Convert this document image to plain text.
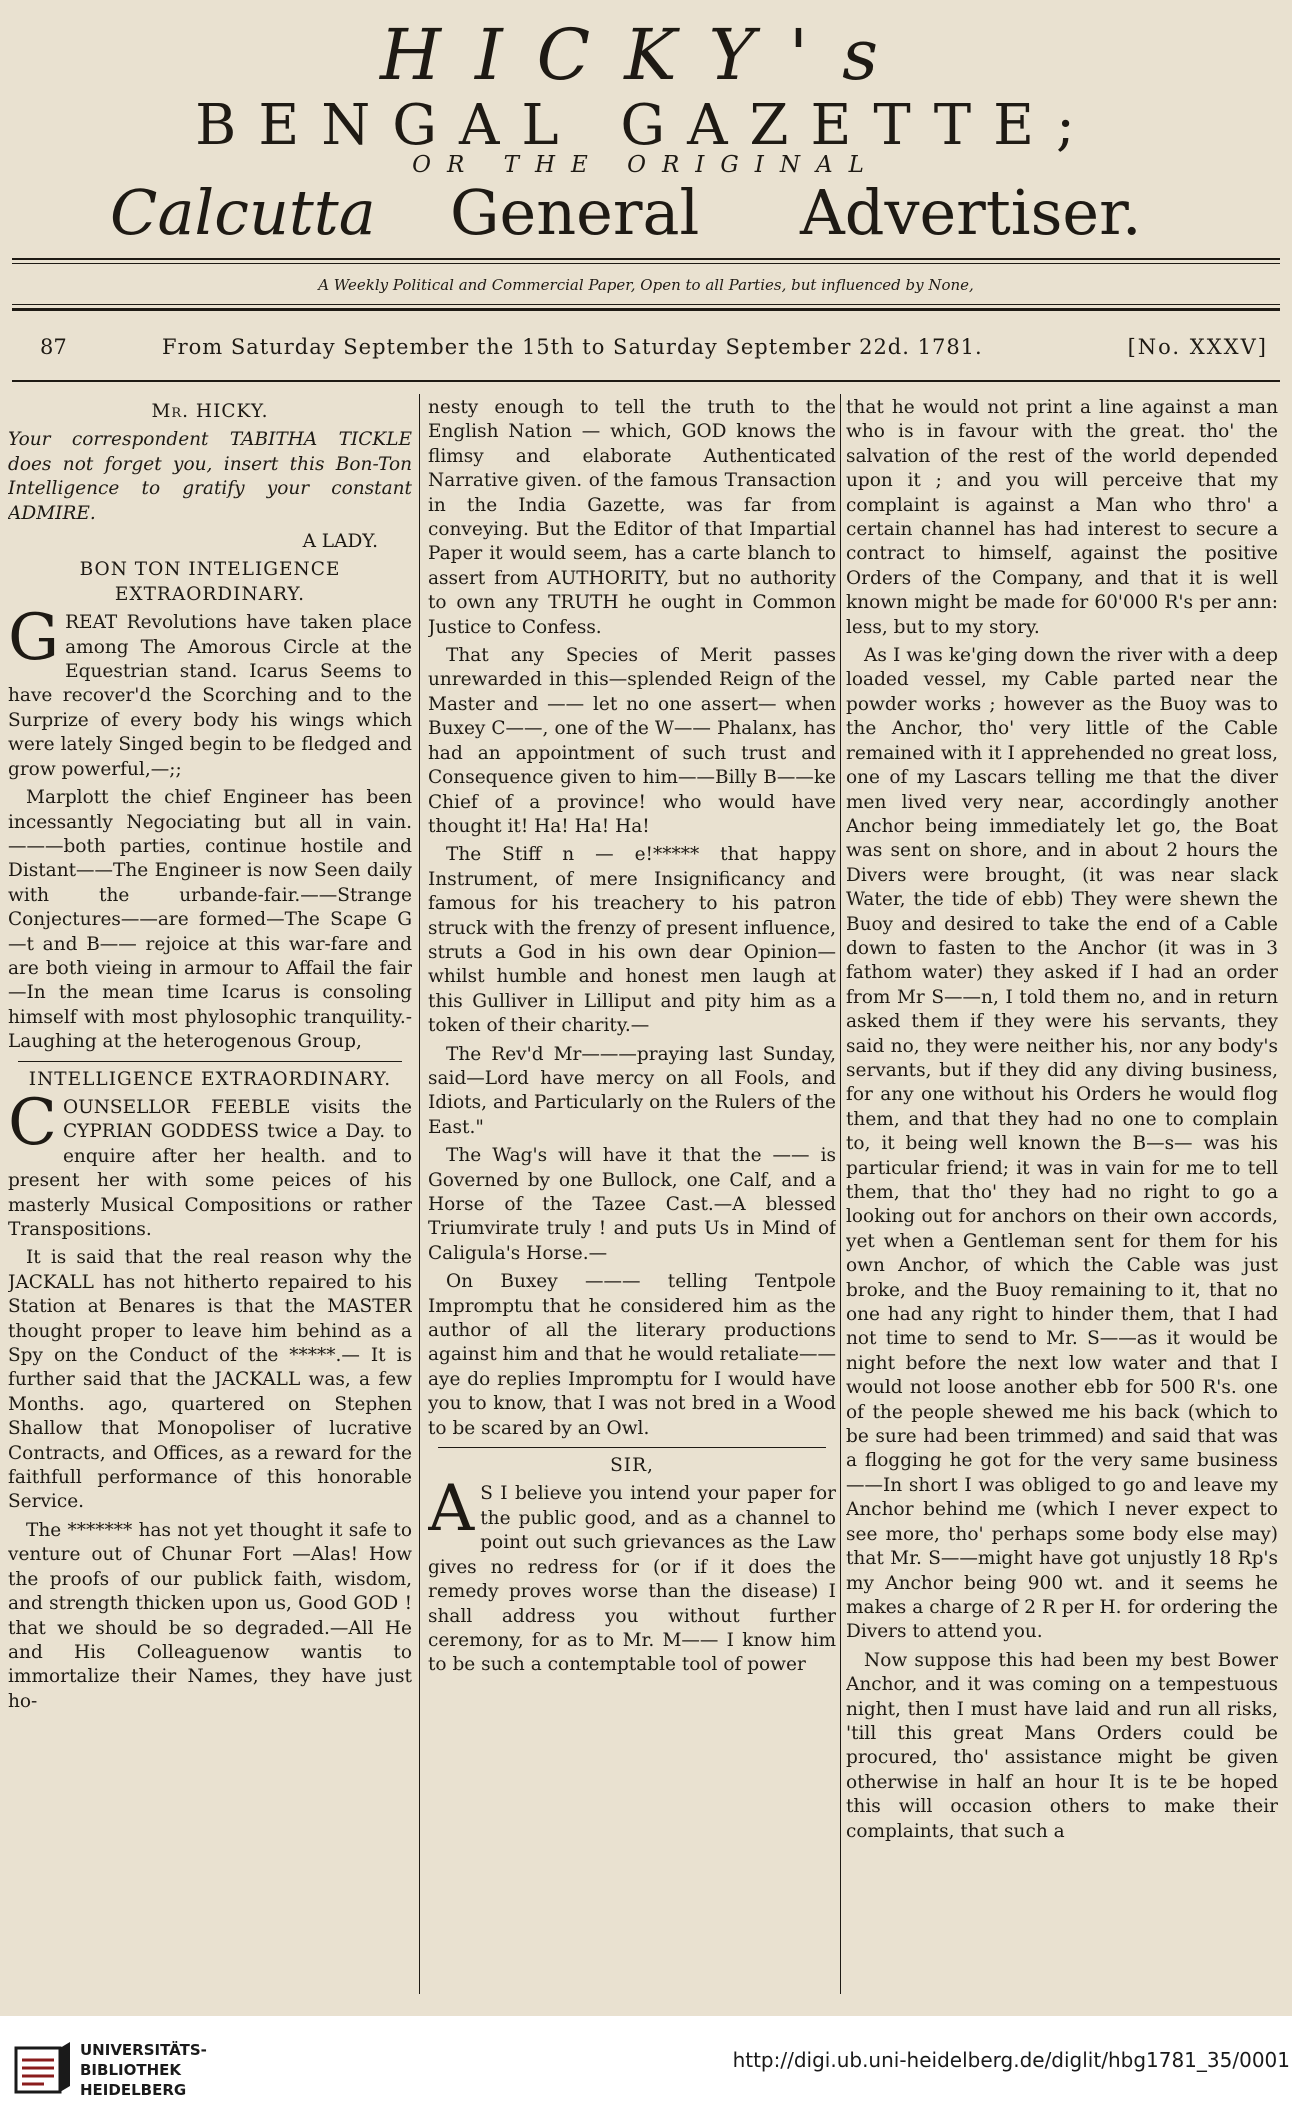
HICKY's
BENGAL GAZETTE;
OR THE ORIGINAL
Calcutta General Advertiser.
A Weekly Political and Commercial Paper, Open to all Parties, but influenced by None,
87	From Saturday September the 15th to Saturday September 22d. 1781.	[No. XXXV]

Mr. HICKY.

Your correspondent TABITHA TICKLE does not forget you, insert this Bon-Ton Intelligence to gratify your constant ADMIRE.

A LADY.

BON TON INTELIGENCE EXTRAORDINARY.

GREAT Revolutions have taken place among The Amorous Circle at the Equestrian stand. Icarus Seems to have recover'd the Scorching and to the Surprize of every body his wings which were lately Singed begin to be fledged and grow powerful,—;;

Marplott the chief Engineer has been incessantly Negociating but all in vain.———both parties, continue hostile and Distant——The Engineer is now Seen daily with the urbande-fair.——Strange Conjectures——are formed—The Scape G—t and B—— rejoice at this war-fare and are both vieing in armour to Affail the fair—In the mean time Icarus is consoling himself with most phylosophic tranquility.-Laughing at the heterogenous Group,

INTELLIGENCE EXTRAORDINARY.

COUNSELLOR FEEBLE visits the CYPRIAN GODDESS twice a Day. to enquire after her health. and to present her with some peices of his masterly Musical Compositions or rather Transpositions.

It is said that the real reason why the JACKALL has not hitherto repaired to his Station at Benares is that the MASTER thought proper to leave him behind as a Spy on the Conduct of the *****.— It is further said that the JACKALL was, a few Months. ago, quartered on Stephen Shallow that Monopoliser of lucrative Contracts, and Offices, as a reward for the faithfull performance of this honorable Service.

The ******* has not yet thought it safe to venture out of Chunar Fort —Alas! How the proofs of our publick faith, wisdom, and strength thicken upon us, Good GOD ! that we should be so degraded.—All He and His Colleaguenow wantis to immortalize their Names, they have just ho-

nesty enough to tell the truth to the English Nation — which, GOD knows the flimsy and elaborate Authenticated Narrative given. of the famous Transaction in the India Gazette, was far from conveying. But the Editor of that Impartial Paper it would seem, has a carte blanch to assert from AUTHORITY, but no authority to own any TRUTH he ought in Common Justice to Confess.

That any Species of Merit passes unrewarded in this—splended Reign of the Master and —— let no one assert— when Buxey C——, one of the W—— Phalanx, has had an appointment of such trust and Consequence given to him——Billy B——ke Chief of a province! who would have thought it! Ha! Ha! Ha!

The Stiff n — e!***** that happy Instrument, of mere Insignificancy and famous for his treachery to his patron struck with the frenzy of present influence, struts a God in his own dear Opinion—whilst humble and honest men laugh at this Gulliver in Lilliput and pity him as a token of their charity.—

The Rev'd Mr———praying last Sunday, said—Lord have mercy on all Fools, and Idiots, and Particularly on the Rulers of the East."

The Wag's will have it that the —— is Governed by one Bullock, one Calf, and a Horse of the Tazee Cast.—A blessed Triumvirate truly ! and puts Us in Mind of Caligula's Horse.—

On Buxey ——— telling Tentpole Impromptu that he considered him as the author of all the literary productions against him and that he would retaliate—— aye do replies Impromptu for I would have you to know, that I was not bred in a Wood to be scared by an Owl.

SIR,

A S I believe you intend your paper for the public good, and as a channel to point out such grievances as the Law gives no redress for (or if it does the remedy proves worse than the disease) I shall address you without further ceremony, for as to Mr. M—— I know him to be such a contemptable tool of power

that he would not print a line against a man who is in favour with the great. tho' the salvation of the rest of the world depended upon it ; and you will perceive that my complaint is against a Man who thro' a certain channel has had interest to secure a contract to himself, against the positive Orders of the Company, and that it is well known might be made for 60'000 R's per ann: less, but to my story.

As I was ke'ging down the river with a deep loaded vessel, my Cable parted near the powder works ; however as the Buoy was to the Anchor, tho' very little of the Cable remained with it I apprehended no great loss, one of my Lascars telling me that the diver men lived very near, accordingly another Anchor being immediately let go, the Boat was sent on shore, and in about 2 hours the Divers were brought, (it was near slack Water, the tide of ebb) They were shewn the Buoy and desired to take the end of a Cable down to fasten to the Anchor (it was in 3 fathom water) they asked if I had an order from Mr S——n, I told them no, and in return asked them if they were his servants, they said no, they were neither his, nor any body's servants, but if they did any diving business, for any one without his Orders he would flog them, and that they had no one to complain to, it being well known the B—s— was his particular friend; it was in vain for me to tell them, that tho' they had no right to go a looking out for anchors on their own accords, yet when a Gentleman sent for them for his own Anchor, of which the Cable was just broke, and the Buoy remaining to it, that no one had any right to hinder them, that I had not time to send to Mr. S——as it would be night before the next low water and that I would not loose another ebb for 500 R's. one of the people shewed me his back (which to be sure had been trimmed) and said that was a flogging he got for the very same business——In short I was obliged to go and leave my Anchor behind me (which I never expect to see more, tho' perhaps some body else may) that Mr. S——might have got unjustly 18 Rp's my Anchor being 900 wt. and it seems he makes a charge of 2 R per H. for ordering the Divers to attend you.

Now suppose this had been my best Bower Anchor, and it was coming on a tempestuous night, then I must have laid and run all risks, 'till this great Mans Orders could be procured, tho' assistance might be given otherwise in half an hour It is te be hoped this will occasion others to make their complaints, that such a

UNIVERSITÄTS-
BIBLIOTHEK
HEIDELBERG
http://digi.ub.uni-heidelberg.de/diglit/hbg1781_35/0001
